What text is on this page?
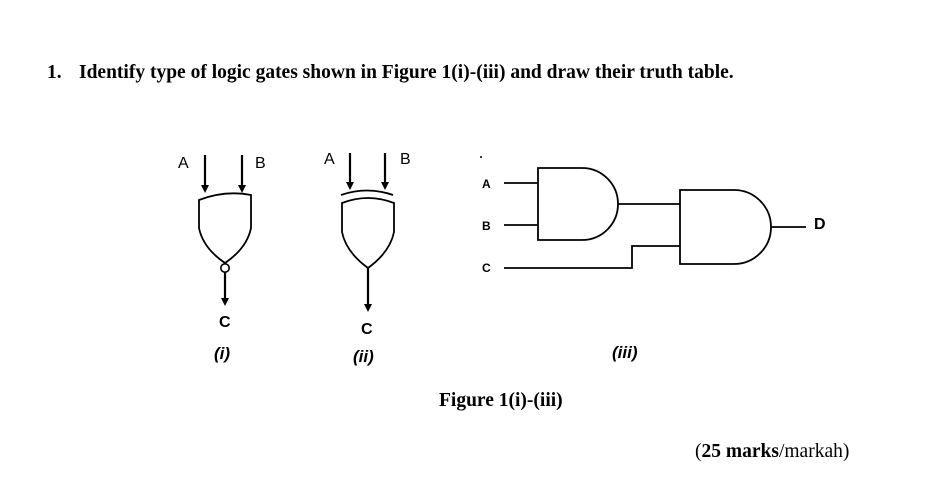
1. Identify type of logic gates shown in Figure 1(i)-(iii) and draw their truth table.
A	B
C
(i)
A	B
C
(ii)
A
B
C
D
(iii)
Figure 1(i)-(iii)
(25 marks/markah)
